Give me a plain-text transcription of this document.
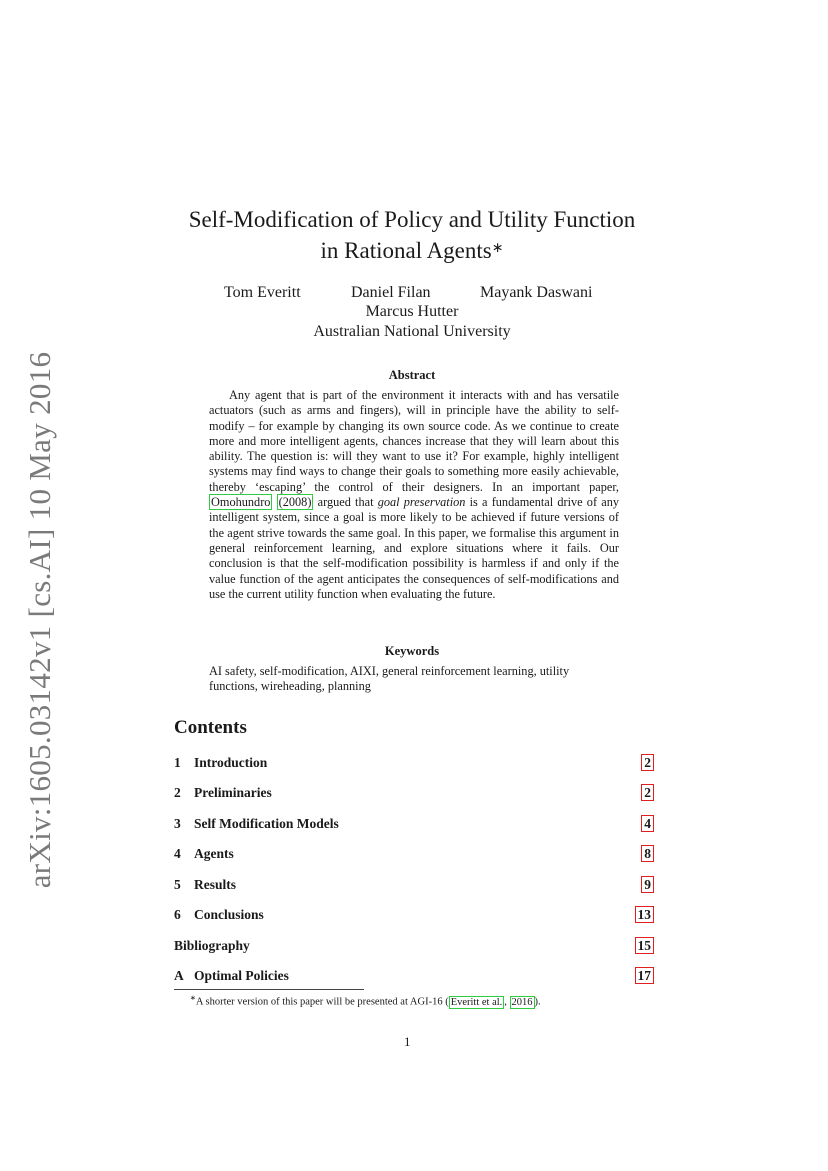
arXiv:1605.03142v1 [cs.AI] 10 May 2016
Self-Modification of Policy and Utility Function
in Rational Agents∗
Tom Everitt	Daniel Filan	Mayank Daswani
Marcus Hutter
Australian National University
Abstract
Any agent that is part of the environment it interacts with and has versatile actuators (such as arms and fingers), will in principle have the ability to self-modify – for example by changing its own source code. As we continue to create more and more intelligent agents, chances increase that they will learn about this ability. The question is: will they want to use it? For example, highly intelligent systems may find ways to change their goals to something more easily achievable, thereby ‘escaping’ the control of their designers. In an important paper, Omohundro (2008) argued that goal preservation is a fundamental drive of any intelligent system, since a goal is more likely to be achieved if future versions of the agent strive towards the same goal. In this paper, we formalise this argument in general reinforcement learning, and explore situations where it fails. Our conclusion is that the self-modification possibility is harmless if and only if the value function of the agent anticipates the consequences of self-modifications and use the current utility function when evaluating the future.
Keywords
AI safety, self-modification, AIXI, general reinforcement learning, utility functions, wireheading, planning
Contents
1 Introduction	2
2 Preliminaries	2
3 Self Modification Models	4
4 Agents	8
5 Results	9
6 Conclusions	13
Bibliography	15
A Optimal Policies	17
∗A shorter version of this paper will be presented at AGI-16 ( Everitt et al. , 2016 ).
1
